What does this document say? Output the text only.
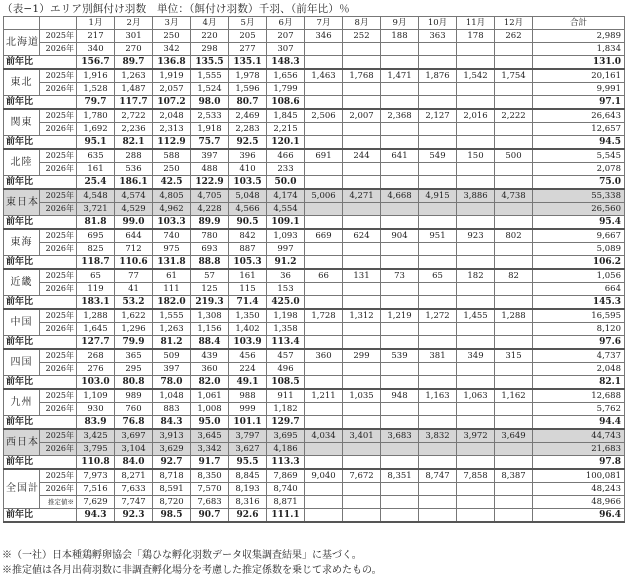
（表−1）エリア別餌付け羽数　単位：（餌付け羽数）千羽、（前年比）％
		1月	2月	3月	4月	5月	6月	7月	8月	9月	10月	11月	12月	合計
北海道	2025年	217	301	250	220	205	207	346	252	188	363	178	262	2,989
	2026年	340	270	342	298	277	307							1,834
前年比		156.7	89.7	136.8	135.5	135.1	148.3							131.0
東北	2025年	1,916	1,263	1,919	1,555	1,978	1,656	1,463	1,768	1,471	1,876	1,542	1,754	20,161
	2026年	1,528	1,487	2,057	1,524	1,596	1,799							9,991
前年比		79.7	117.7	107.2	98.0	80.7	108.6							97.1
関東	2025年	1,780	2,722	2,048	2,533	2,469	1,845	2,506	2,007	2,368	2,127	2,016	2,222	26,643
	2026年	1,692	2,236	2,313	1,918	2,283	2,215							12,657
前年比		95.1	82.1	112.9	75.7	92.5	120.1							94.5
北陸	2025年	635	288	588	397	396	466	691	244	641	549	150	500	5,545
	2026年	161	536	250	488	410	233							2,078
前年比		25.4	186.1	42.5	122.9	103.5	50.0							75.0
東日本	2025年	4,548	4,574	4,805	4,705	5,048	4,174	5,006	4,271	4,668	4,915	3,886	4,738	55,338
	2026年	3,721	4,529	4,962	4,228	4,566	4,554							26,560
前年比		81.8	99.0	103.3	89.9	90.5	109.1							95.4
東海	2025年	695	644	740	780	842	1,093	669	624	904	951	923	802	9,667
	2026年	825	712	975	693	887	997							5,089
前年比		118.7	110.6	131.8	88.8	105.3	91.2							106.2
近畿	2025年	65	77	61	57	161	36	66	131	73	65	182	82	1,056
	2026年	119	41	111	125	115	153							664
前年比		183.1	53.2	182.0	219.3	71.4	425.0							145.3
中国	2025年	1,288	1,622	1,555	1,308	1,350	1,198	1,728	1,312	1,219	1,272	1,455	1,288	16,595
	2026年	1,645	1,296	1,263	1,156	1,402	1,358							8,120
前年比		127.7	79.9	81.2	88.4	103.9	113.4							97.6
四国	2025年	268	365	509	439	456	457	360	299	539	381	349	315	4,737
	2026年	276	295	397	360	224	496							2,048
前年比		103.0	80.8	78.0	82.0	49.1	108.5							82.1
九州	2025年	1,109	989	1,048	1,061	988	911	1,211	1,035	948	1,163	1,063	1,162	12,688
	2026年	930	760	883	1,008	999	1,182							5,762
前年比		83.9	76.8	84.3	95.0	101.1	129.7							94.4
西日本	2025年	3,425	3,697	3,913	3,645	3,797	3,695	4,034	3,401	3,683	3,832	3,972	3,649	44,743
	2026年	3,795	3,104	3,629	3,342	3,627	4,186							21,683
前年比		110.8	84.0	92.7	91.7	95.5	113.3							97.8
全国計	2025年	7,973	8,271	8,718	8,350	8,845	7,869	9,040	7,672	8,351	8,747	7,858	8,387	100,081
	2026年	7,516	7,633	8,591	7,570	8,193	8,740							48,243
	推定値※	7,629	7,747	8,720	7,683	8,316	8,871							48,966
前年比		94.3	92.3	98.5	90.7	92.6	111.1							96.4
※（一社）日本種鶏孵卵協会「鶏ひな孵化羽数データ収集調査結果」に基づく。
※推定値は各月出荷羽数に非調査孵化場分を考慮した推定係数を乗じて求めたもの。
